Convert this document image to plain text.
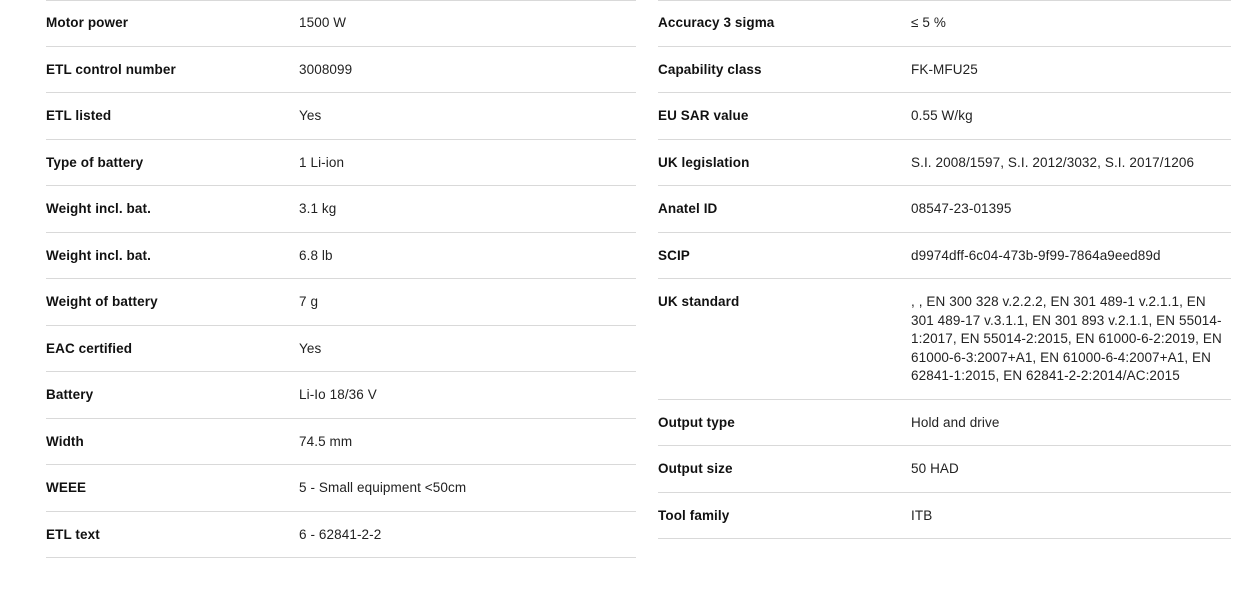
Motor power	1500 W
ETL control number	3008099
ETL listed	Yes
Type of battery	1 Li-ion
Weight incl. bat.	3.1 kg
Weight incl. bat.	6.8 lb
Weight of battery	7 g
EAC certified	Yes
Battery	Li-Io 18/36 V
Width	74.5 mm
WEEE	5 - Small equipment <50cm
ETL text	6 - 62841-2-2
Accuracy 3 sigma	≤ 5 %
Capability class	FK-MFU25
EU SAR value	0.55 W/kg
UK legislation	S.I. 2008/1597, S.I. 2012/3032, S.I. 2017/1206
Anatel ID	08547-23-01395
SCIP	d9974dff-6c04-473b-9f99-7864a9eed89d
UK standard	, , EN 300 328 v.2.2.2, EN 301 489-1 v.2.1.1, EN 301 489-17 v.3.1.1, EN 301 893 v.2.1.1, EN 55014-1:2017, EN 55014-2:2015, EN 61000-6-2:2019, EN 61000-6-3:2007+A1, EN 61000-6-4:2007+A1, EN 62841-1:2015, EN 62841-2-2:2014/AC:2015
Output type	Hold and drive
Output size	50 HAD
Tool family	ITB
